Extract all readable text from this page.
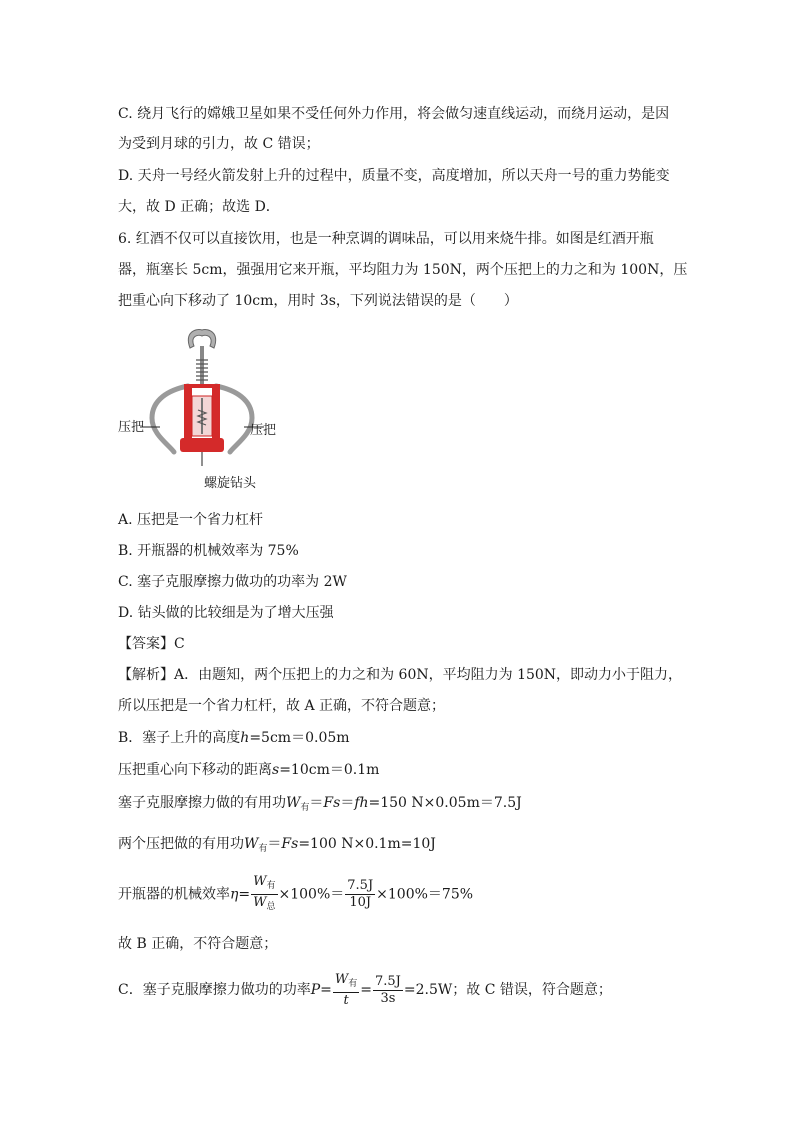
C. 绕月飞行的嫦娥卫星如果不受任何外力作用，将会做匀速直线运动，而绕月运动，是因
为受到月球的引力，故 C 错误；
D. 天舟一号经火箭发射上升的过程中，质量不变，高度增加，所以天舟一号的重力势能变
大，故 D 正确；故选 D．
6. 红酒不仅可以直接饮用，也是一种烹调的调味品，可以用来烧牛排。如图是红酒开瓶
器，瓶塞长 5cm，强强用它来开瓶，平均阻力为 150N，两个压把上的力之和为 100N，压
把重心向下移动了 10cm，用时 3s，下列说法错误的是（　　）
压把	压把
螺旋钻头
A. 压把是一个省力杠杆
B. 开瓶器的机械效率为 75%
C. 塞子克服摩擦力做功的功率为 2W
D. 钻头做的比较细是为了增大压强
【答案】C
【解析】A．由题知，两个压把上的力之和为 60N，平均阻力为 150N，即动力小于阻力，
所以压把是一个省力杠杆，故 A 正确，不符合题意；
B．塞子上升的高度h=5cm＝0.05m
压把重心向下移动的距离s=10cm＝0.1m
塞子克服摩擦力做的有用功$W_有=Fs=fh=150$ N×0.05m＝7.5J
两个压把做的有用功$W_有=Fs=100$ N×0.1m=10J
开瓶器的机械效率$\eta= \frac{W_有}{W_总} \times 100\%= \frac{7.5J}{10J} \times 100\%=75\%$
故 B 正确，不符合题意；
C．塞子克服摩擦力做功的功率$P= \frac{W_有}{t} = \frac{7.5J}{3s} =2.5W$；故 C 错误，符合题意；
